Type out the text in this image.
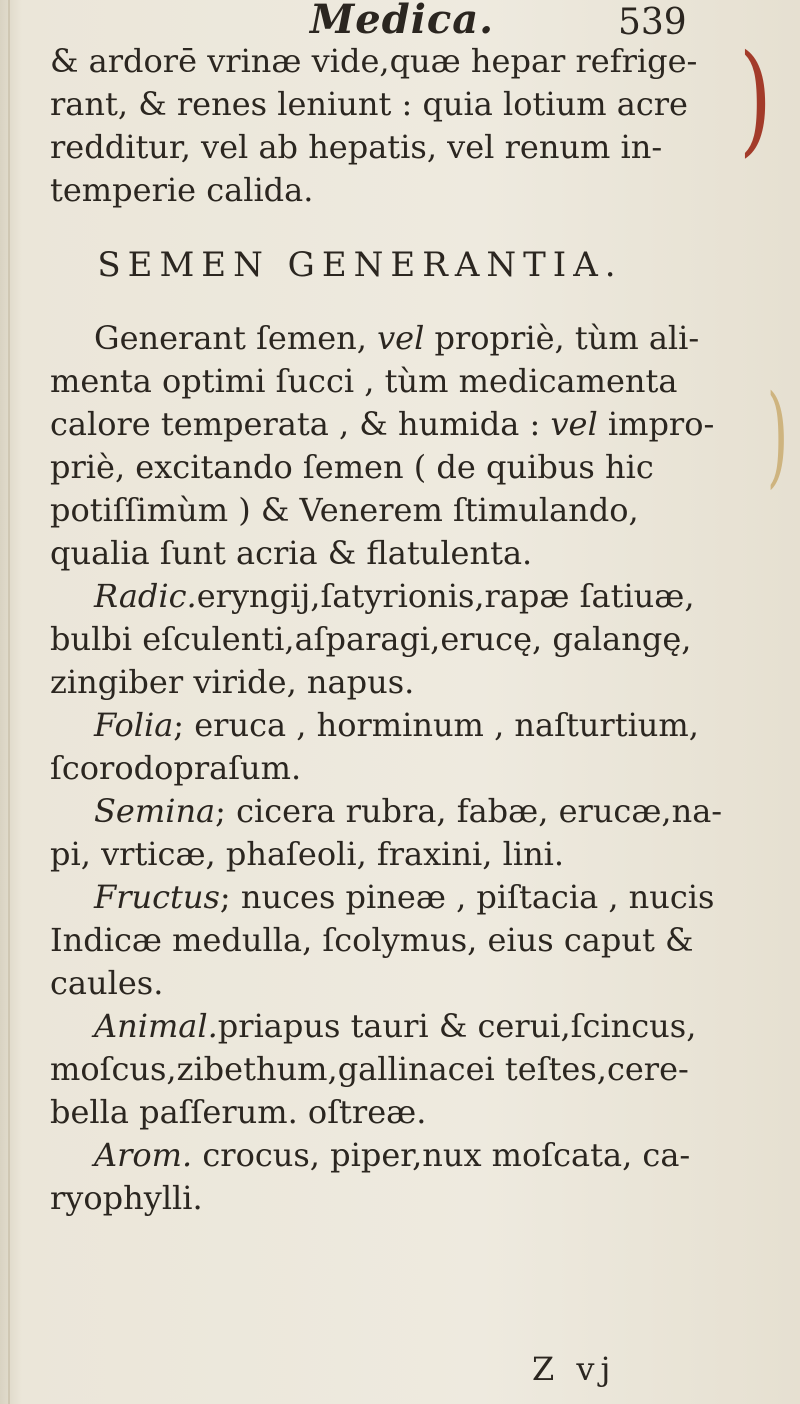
Medica.	539
)
)
& ardorē vrinæ vide,quæ hepar refrige-
rant, & renes leniunt : quia lotium acre
redditur, vel ab hepatis, vel renum in-
temperie calida.
SEMEN GENERANTIA.
Generant ſemen, vel propriè, tùm ali-
menta optimi ſucci , tùm medicamenta
calore temperata , & humida : vel impro-
priè, excitando ſemen ( de quibus hic
potiſſimùm ) & Venerem ſtimulando,
qualia ſunt acria & flatulenta.
Radic.eryngij,ſatyrionis,rapæ ſatiuæ,
bulbi eſculenti,aſparagi,erucę, galangę,
zingiber viride, napus.
Folia; eruca , horminum , naſturtium,
ſcorodopraſum.
Semina; cicera rubra, fabæ, erucæ,na-
pi, vrticæ, phaſeoli, fraxini, lini.
Fructus; nuces pineæ , piſtacia , nucis
Indicæ medulla, ſcolymus, eius caput &
caules.
Animal.priapus tauri & cerui,ſcincus,
moſcus,zibethum,gallinacei teſtes,cere-
bella paſſerum. oſtreæ.
Arom. crocus, piper,nux moſcata, ca-
ryophylli.
Z vj
